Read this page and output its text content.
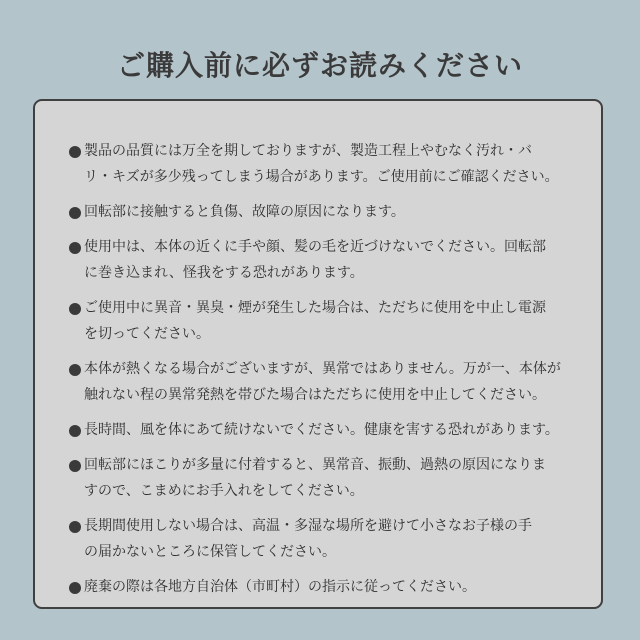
ご購入前に必ずお読みください
製品の品質には万全を期しておりますが、製造工程上やむなく汚れ・バ
リ・キズが多少残ってしまう場合があります。ご使用前にご確認ください。
回転部に接触すると負傷、故障の原因になります。
使用中は、本体の近くに手や顔、髪の毛を近づけないでください。回転部
に巻き込まれ、怪我をする恐れがあります。
ご使用中に異音・異臭・煙が発生した場合は、ただちに使用を中止し電源
を切ってください。
本体が熱くなる場合がございますが、異常ではありません。万が一、本体が
触れない程の異常発熱を帯びた場合はただちに使用を中止してください。
長時間、風を体にあて続けないでください。健康を害する恐れがあります。
回転部にほこりが多量に付着すると、異常音、振動、過熱の原因になりま
すので、こまめにお手入れをしてください。
長期間使用しない場合は、高温・多湿な場所を避けて小さなお子様の手
の届かないところに保管してください。
廃棄の際は各地方自治体（市町村）の指示に従ってください。
